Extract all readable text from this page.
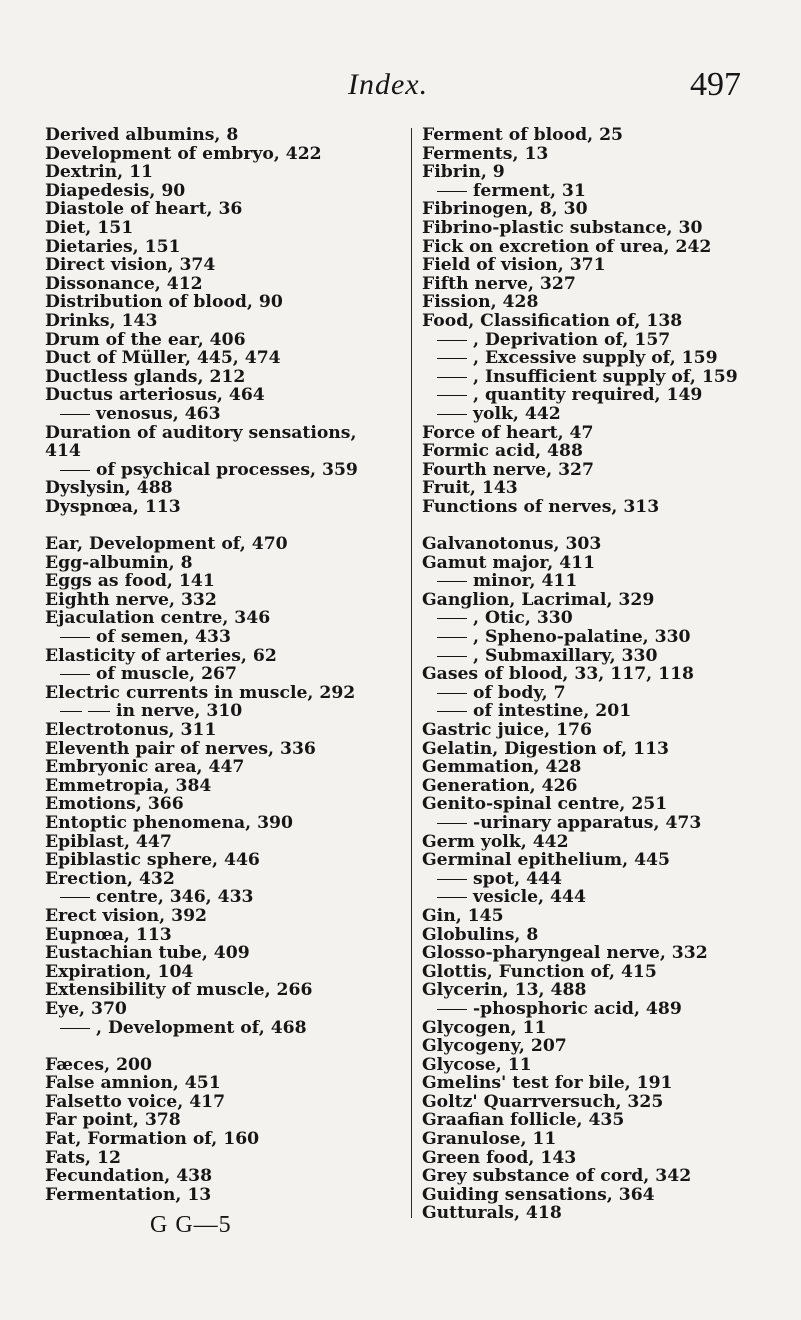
Index.	497
Derived albumins, 8
Development of embryo, 422
Dextrin, 11
Diapedesis, 90
Diastole of heart, 36
Diet, 151
Dietaries, 151
Direct vision, 374
Dissonance, 412
Distribution of blood, 90
Drinks, 143
Drum of the ear, 406
Duct of Müller, 445, 474
Ductless glands, 212
Ductus arteriosus, 464
venosus, 463
Duration of auditory sensations, 414
of psychical processes, 359
Dyslysin, 488
Dyspnœa, 113
Ear, Development of, 470
Egg-albumin, 8
Eggs as food, 141
Eighth nerve, 332
Ejaculation centre, 346
of semen, 433
Elasticity of arteries, 62
of muscle, 267
Electric currents in muscle, 292
in nerve, 310
Electrotonus, 311
Eleventh pair of nerves, 336
Embryonic area, 447
Emmetropia, 384
Emotions, 366
Entoptic phenomena, 390
Epiblast, 447
Epiblastic sphere, 446
Erection, 432
centre, 346, 433
Erect vision, 392
Eupnœa, 113
Eustachian tube, 409
Expiration, 104
Extensibility of muscle, 266
Eye, 370
, Development of, 468
Fæces, 200
False amnion, 451
Falsetto voice, 417
Far point, 378
Fat, Formation of, 160
Fats, 12
Fecundation, 438
Fermentation, 13
Ferment of blood, 25
Ferments, 13
Fibrin, 9
ferment, 31
Fibrinogen, 8, 30
Fibrino-plastic substance, 30
Fick on excretion of urea, 242
Field of vision, 371
Fifth nerve, 327
Fission, 428
Food, Classification of, 138
, Deprivation of, 157
, Excessive supply of, 159
, Insufficient supply of, 159
, quantity required, 149
yolk, 442
Force of heart, 47
Formic acid, 488
Fourth nerve, 327
Fruit, 143
Functions of nerves, 313
Galvanotonus, 303
Gamut major, 411
minor, 411
Ganglion, Lacrimal, 329
, Otic, 330
, Spheno-palatine, 330
, Submaxillary, 330
Gases of blood, 33, 117, 118
of body, 7
of intestine, 201
Gastric juice, 176
Gelatin, Digestion of, 113
Gemmation, 428
Generation, 426
Genito-spinal centre, 251
-urinary apparatus, 473
Germ yolk, 442
Germinal epithelium, 445
spot, 444
vesicle, 444
Gin, 145
Globulins, 8
Glosso-pharyngeal nerve, 332
Glottis, Function of, 415
Glycerin, 13, 488
-phosphoric acid, 489
Glycogen, 11
Glycogeny, 207
Glycose, 11
Gmelins' test for bile, 191
Goltz' Quarrversuch, 325
Graafian follicle, 435
Granulose, 11
Green food, 143
Grey substance of cord, 342
Guiding sensations, 364
Gutturals, 418
G G—5
